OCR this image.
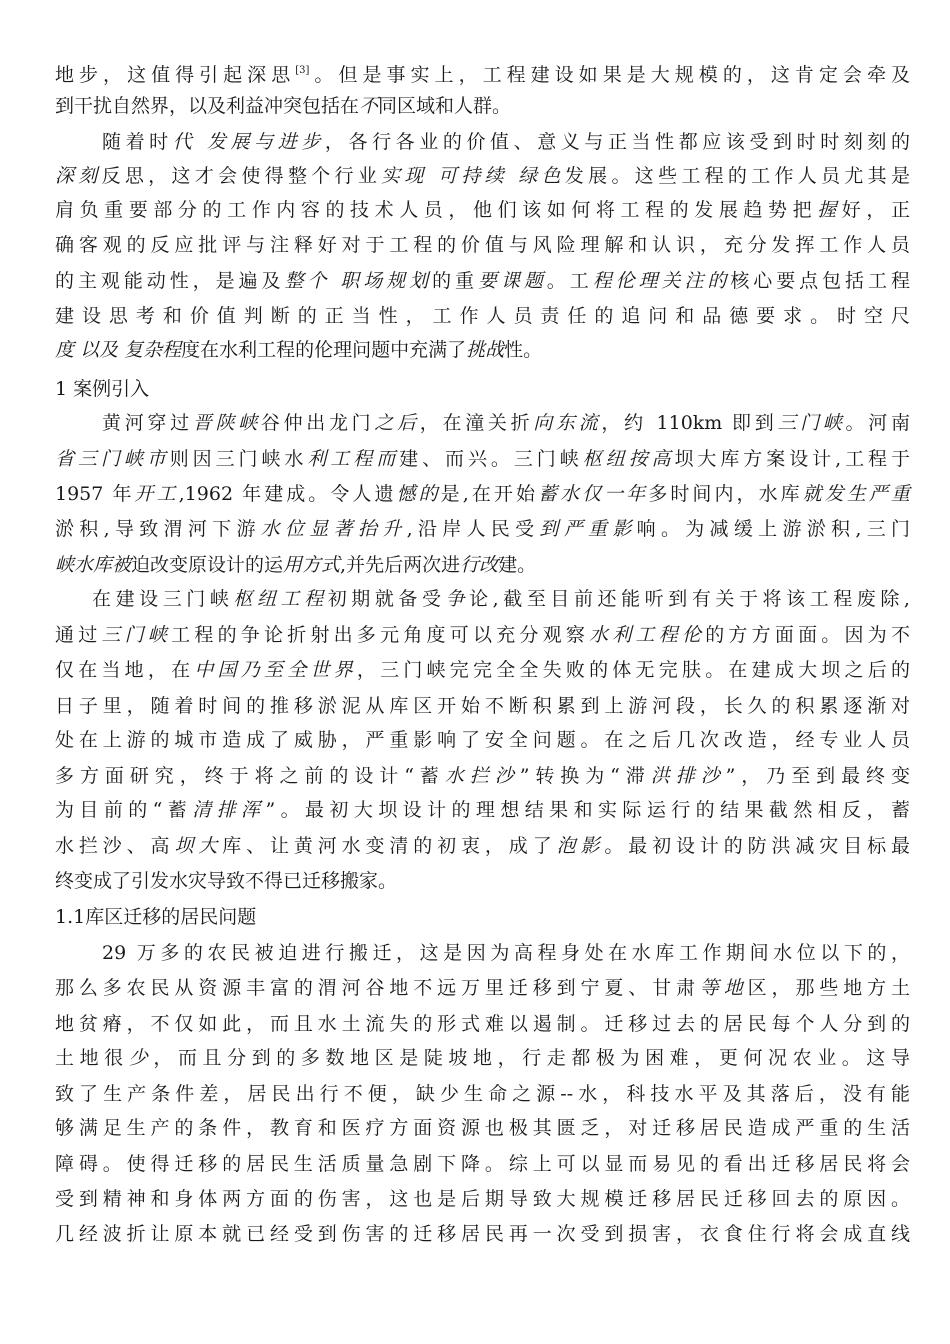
1 案例引入
1.1库区迁移的居民问题
地步，这值得引起深思[3]。但是事实上，工程建设如果是大规模的，这肯定会牵及
到干扰自然界，以及利益冲突包括在不同区域和人群。
随着时代 发展与进步，各行各业的价值、意义与正当性都应该受到时时刻刻的
深刻反思，这才会使得整个行业实现 可持续 绿色发展。这些工程的工作人员尤其是
肩负重要部分的工作内容的技术人员，他们该如何将工程的发展趋势把握好，正
确客观的反应批评与注释好对于工程的价值与风险理解和认识，充分发挥工作人员
的主观能动性，是遍及整个 职场规划的重要课题。工程伦理关注的核心要点包括工程
建设思考和价值判断的正当性，工作人员责任的追问和品德要求。时空尺
度 以及 复杂程度在水利工程的伦理问题中充满了挑战性。
黄河穿过晋陕峡谷仲出龙门之后，在潼关折向东流，约 110km 即到三门峡。河南
省三门峡市则因三门峡水利工程而建、而兴。三门峡枢纽按高坝大库方案设计,工程于
1957 年开工,1962 年建成。令人遗憾的是,在开始蓄水仅一年多时间内，水库就发生严重
淤积,导致渭河下游水位显著抬升,沿岸人民受到严重影响。为减缓上游淤积,三门
峡水库被迫改变原设计的运用方式,并先后两次进行改建。
在建设三门峡枢纽工程初期就备受争论,截至目前还能听到有关于将该工程废除,
通过三门峡工程的争论折射出多元角度可以充分观察水利工程伦的方方面面。因为不
仅在当地，在中国乃至全世界，三门峡完完全全失败的体无完肤。在建成大坝之后的
日子里，随着时间的推移淤泥从库区开始不断积累到上游河段，长久的积累逐渐对
处在上游的城市造成了威胁，严重影响了安全问题。在之后几次改造，经专业人员
多方面研究，终于将之前的设计“蓄水拦沙”转换为“滞洪排沙”，乃至到最终变
为目前的“蓄清排浑”。最初大坝设计的理想结果和实际运行的结果截然相反，蓄
水拦沙、高坝大库、让黄河水变清的初衷，成了泡影。最初设计的防洪减灾目标最
终变成了引发水灾导致不得已迁移搬家。
29 万多的农民被迫进行搬迁，这是因为高程身处在水库工作期间水位以下的，
那么多农民从资源丰富的渭河谷地不远万里迁移到宁夏、甘肃等地区，那些地方土
地贫瘠，不仅如此，而且水土流失的形式难以遏制。迁移过去的居民每个人分到的
土地很少，而且分到的多数地区是陡坡地，行走都极为困难，更何况农业。这导
致了生产条件差，居民出行不便，缺少生命之源--水，科技水平及其落后，没有能
够满足生产的条件，教育和医疗方面资源也极其匮乏，对迁移居民造成严重的生活
障碍。使得迁移的居民生活质量急剧下降。综上可以显而易见的看出迁移居民将会
受到精神和身体两方面的伤害，这也是后期导致大规模迁移居民迁移回去的原因。
几经波折让原本就已经受到伤害的迁移居民再一次受到损害，衣食住行将会成直线
